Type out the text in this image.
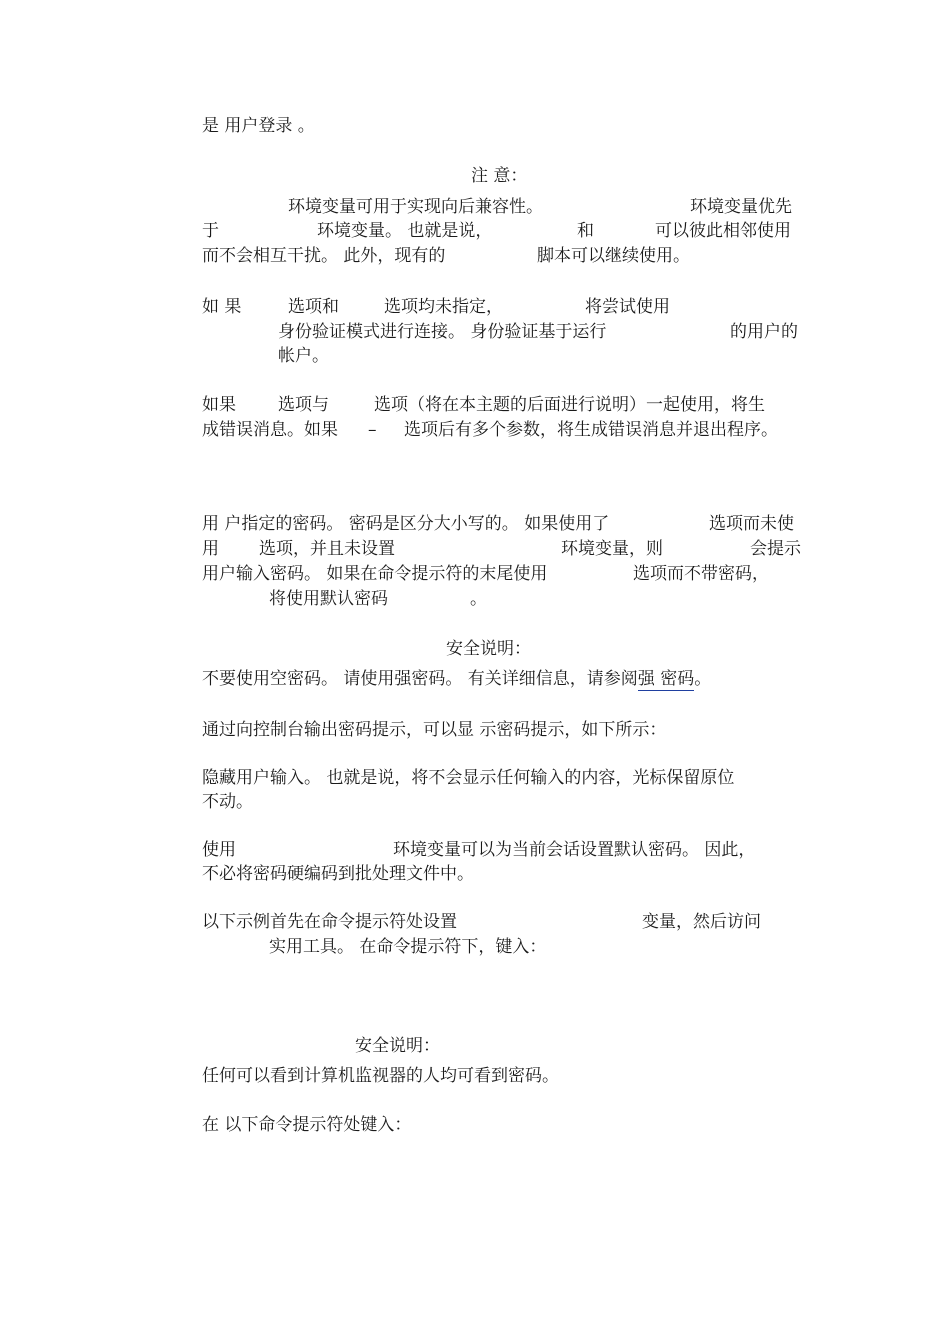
是 用户登录 。

注 意：

环境变量可用于实现向后兼容性。	环境变量优先

于	环境变量。 也就是说，	和	可以彼此相邻使用

而不会相互干扰。 此外，现有的	脚本可以继续使用。

如 果	选项和	选项均未指定，	将尝试使用

身份验证模式进行连接。 身份验证基于运行	的用户的

帐户。

如果 选项与	选项（将在本主题的后面进行说明）一起使用，将生

成错误消息。如果 – 选项后有多个参数，将生成错误消息并退出程序。

用 户指定的密码。 密码是区分大小写的。 如果使用了	选项而未使

用 选项，并且未设置	环境变量，则	会提示

用户输入密码。 如果在命令提示符的末尾使用	选项而不带密码，

将使用默认密码	。

安全说明：

不要使用空密码。 请使用强密码。 有关详细信息，请参阅强 密码。

通过向控制台输出密码提示，可以显 示密码提示，如下所示：

隐藏用户输入。 也就是说，将不会显示任何输入的内容，光标保留原位

不动。

使用	环境变量可以为当前会话设置默认密码。 因此，

不必将密码硬编码到批处理文件中。

以下示例首先在命令提示符处设置	变量，然后访问

实用工具。 在命令提示符下，键入：

安全说明：

任何可以看到计算机监视器的人均可看到密码。

在 以下命令提示符处键入：
